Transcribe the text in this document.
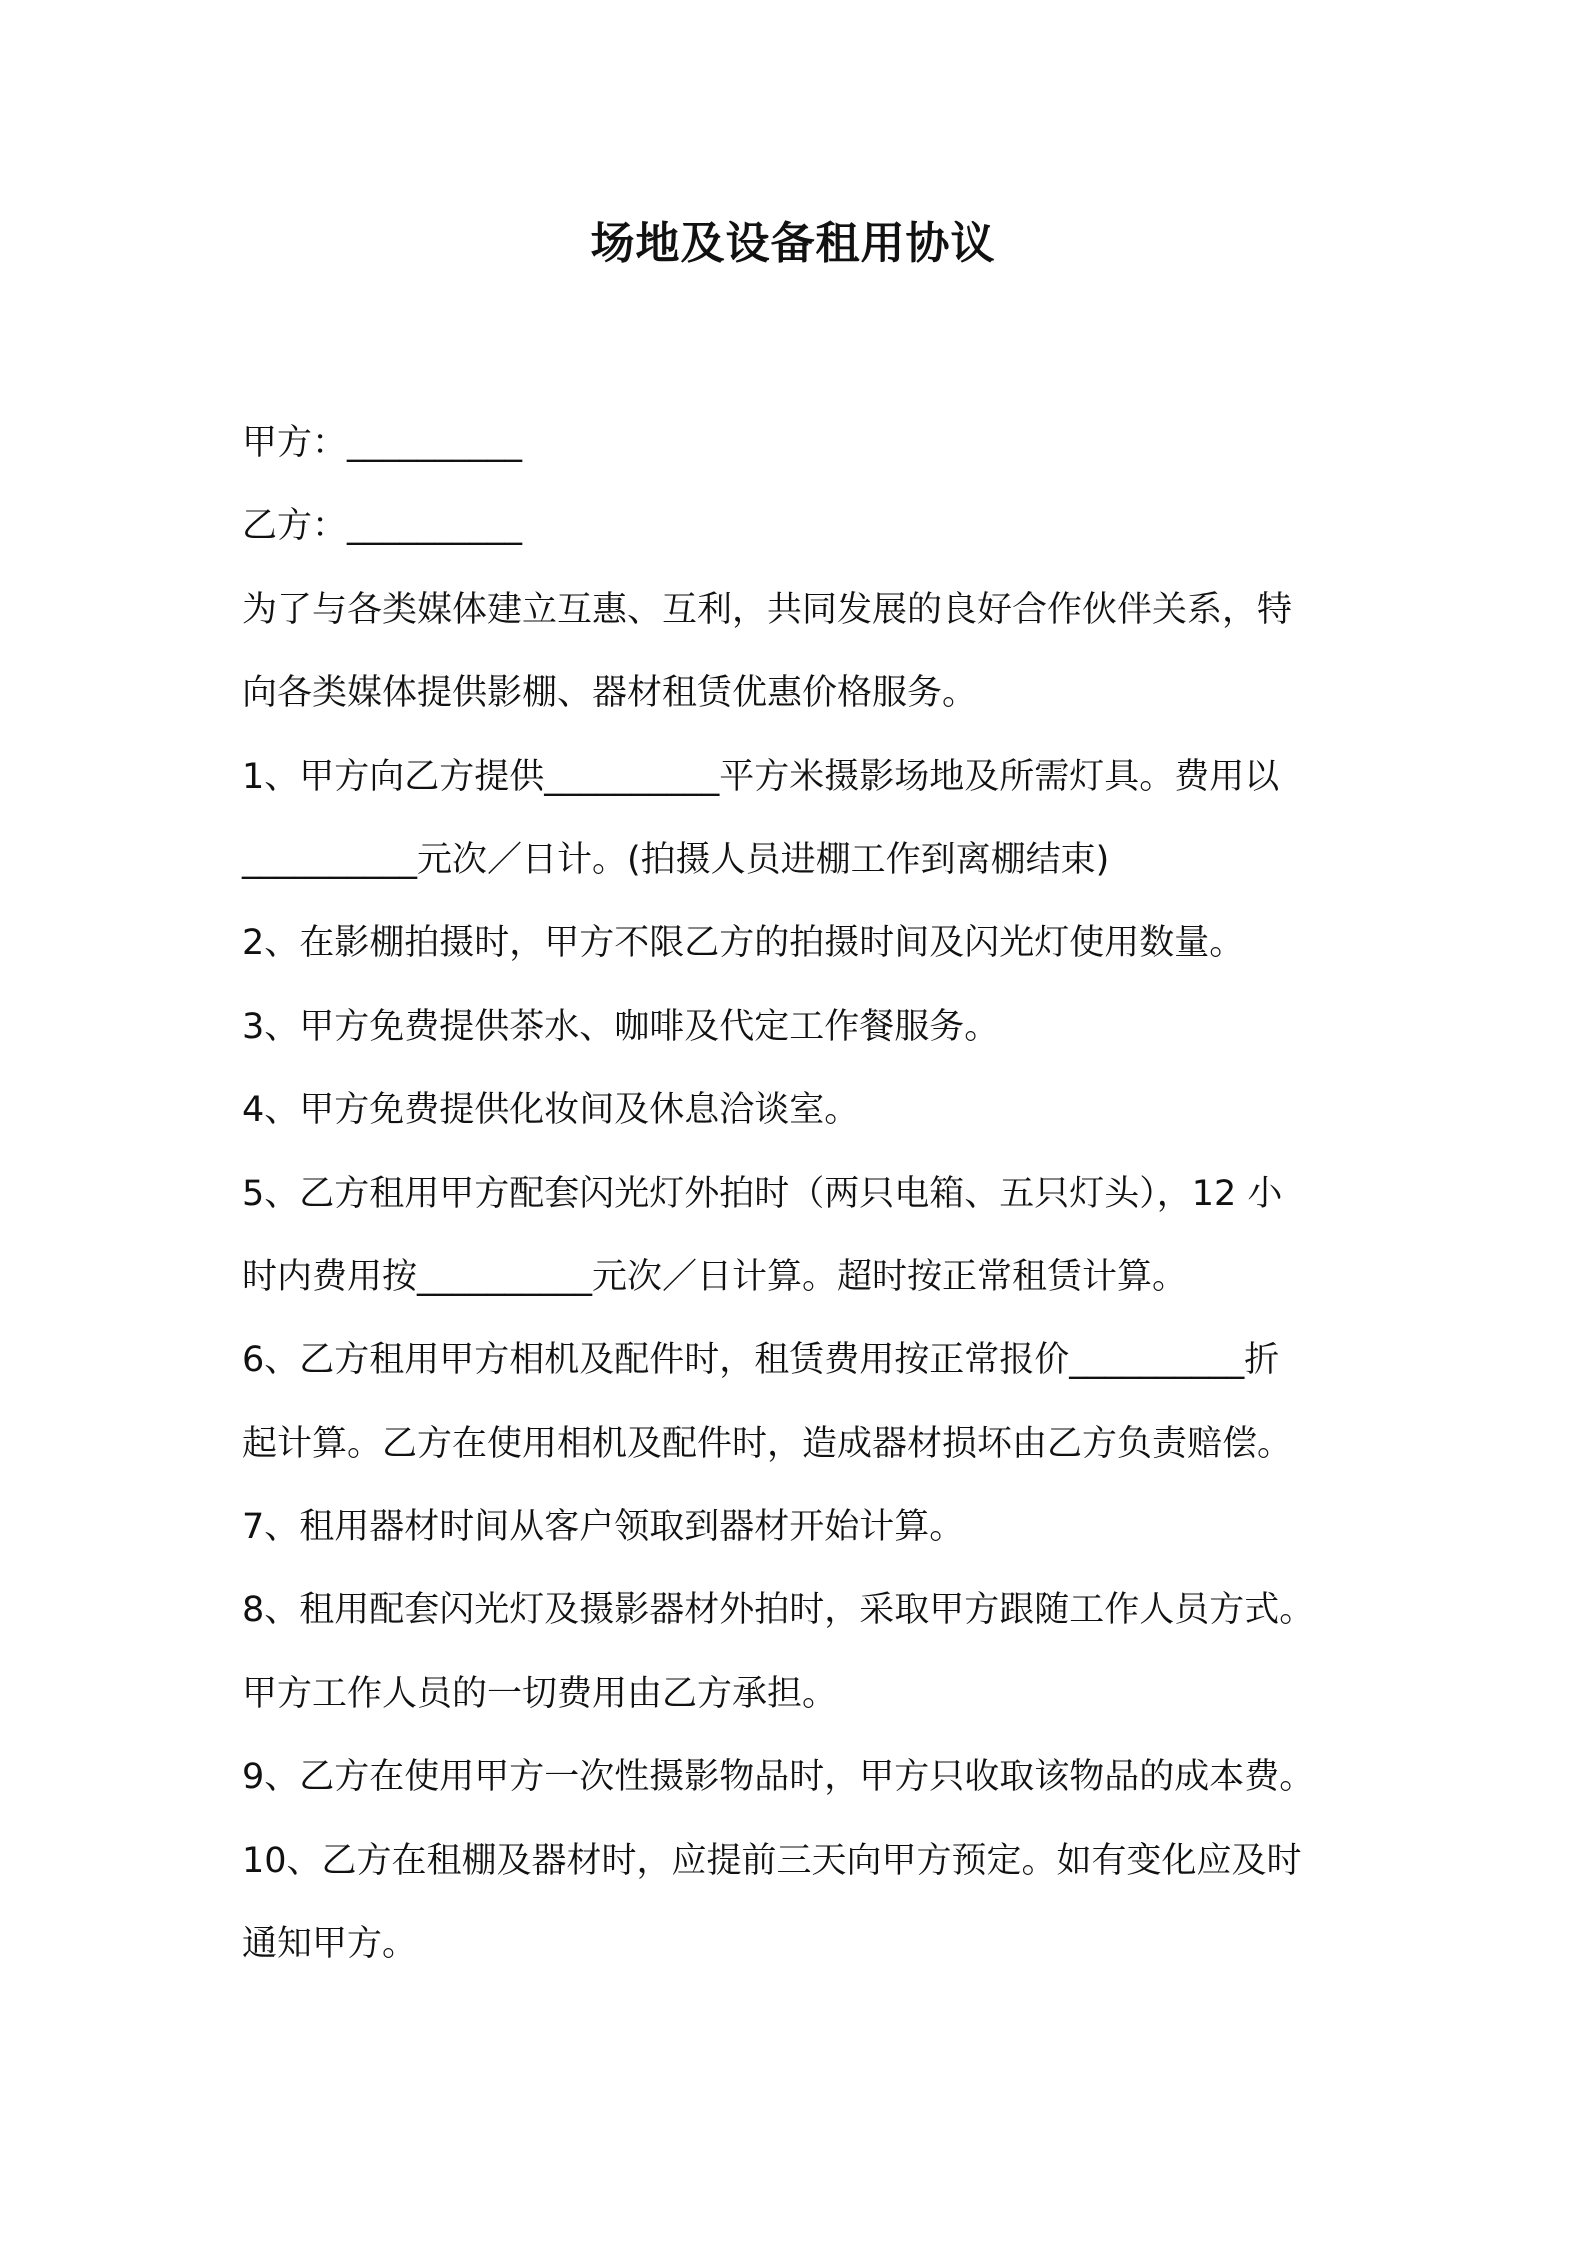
场地及设备租用协议
甲方：__________
乙方：__________
为了与各类媒体建立互惠、互利，共同发展的良好合作伙伴关系，特
向各类媒体提供影棚、器材租赁优惠价格服务。
1、甲方向乙方提供__________平方米摄影场地及所需灯具。费用以
__________元次／日计。(拍摄人员进棚工作到离棚结束)
2、在影棚拍摄时，甲方不限乙方的拍摄时间及闪光灯使用数量。
3、甲方免费提供茶水、咖啡及代定工作餐服务。
4、甲方免费提供化妆间及休息洽谈室。
5、乙方租用甲方配套闪光灯外拍时（两只电箱、五只灯头），12 小
时内费用按__________元次／日计算。超时按正常租赁计算。
6、乙方租用甲方相机及配件时，租赁费用按正常报价__________折
起计算。乙方在使用相机及配件时，造成器材损坏由乙方负责赔偿。
7、租用器材时间从客户领取到器材开始计算。
8、租用配套闪光灯及摄影器材外拍时，采取甲方跟随工作人员方式。
甲方工作人员的一切费用由乙方承担。
9、乙方在使用甲方一次性摄影物品时，甲方只收取该物品的成本费。
10、乙方在租棚及器材时，应提前三天向甲方预定。如有变化应及时
通知甲方。
